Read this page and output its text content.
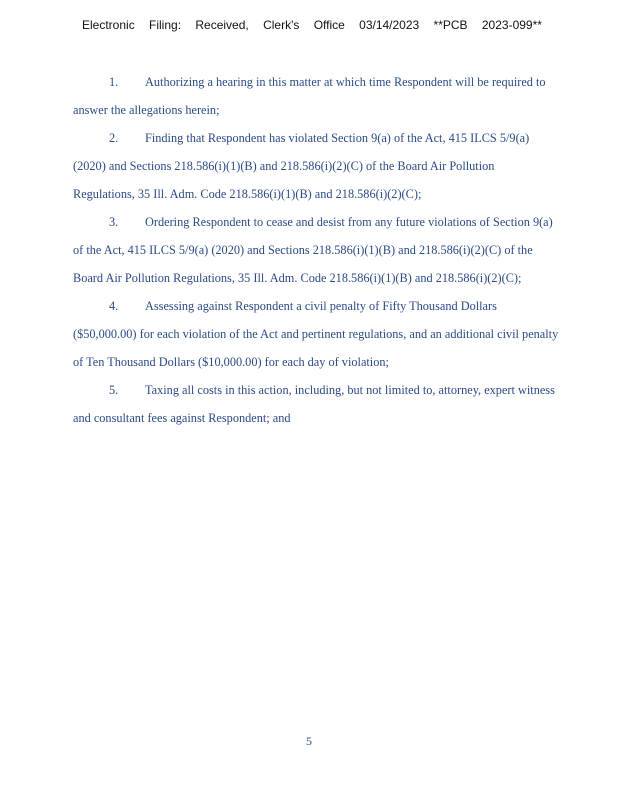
Electronic Filing: Received, Clerk's Office 03/14/2023 **PCB 2023-099**
1. Authorizing a hearing in this matter at which time Respondent will be required to
answer the allegations herein;
2. Finding that Respondent has violated Section 9(a) of the Act, 415 ILCS 5/9(a)
(2020) and Sections 218.586(i)(1)(B) and 218.586(i)(2)(C) of the Board Air Pollution
Regulations, 35 Ill. Adm. Code 218.586(i)(1)(B) and 218.586(i)(2)(C);
3. Ordering Respondent to cease and desist from any future violations of Section 9(a)
of the Act, 415 ILCS 5/9(a) (2020) and Sections 218.586(i)(1)(B) and 218.586(i)(2)(C) of the
Board Air Pollution Regulations, 35 Ill. Adm. Code 218.586(i)(1)(B) and 218.586(i)(2)(C);
4. Assessing against Respondent a civil penalty of Fifty Thousand Dollars
($50,000.00) for each violation of the Act and pertinent regulations, and an additional civil penalty
of Ten Thousand Dollars ($10,000.00) for each day of violation;
5. Taxing all costs in this action, including, but not limited to, attorney, expert witness
and consultant fees against Respondent; and
5
